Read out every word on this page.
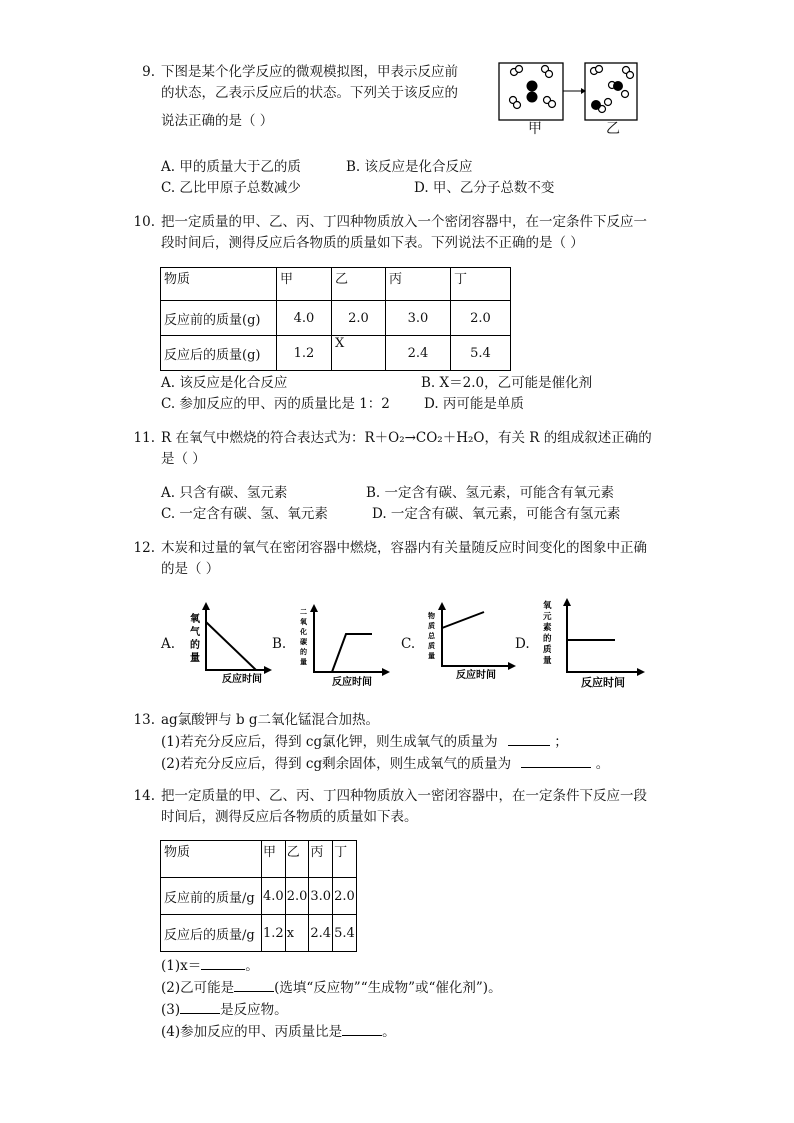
9. 下图是某个化学反应的微观模拟图，甲表示反应前
的状态，乙表示反应后的状态。下列关于该反应的
说法正确的是（ ）	甲	乙
A. 甲的质量大于乙的质	B. 该反应是化合反应
C. 乙比甲原子总数减少	D. 甲、乙分子总数不变
10. 把一定质量的甲、乙、丙、丁四种物质放入一个密闭容器中，在一定条件下反应一
段时间后，测得反应后各物质的质量如下表。下列说法不正确的是（ ）
物质	甲	乙	丙	丁
反应前的质量(g)	4.0	2.0	3.0	2.0
反应后的质量(g)	1.2	X	2.4	5.4
A. 该反应是化合反应	B. X＝2.0，乙可能是催化剂
C. 参加反应的甲、丙的质量比是 1：2	D. 丙可能是单质
11. R 在氧气中燃烧的符合表达式为：R＋O₂→CO₂＋H₂O，有关 R 的组成叙述正确的
是（ ）
A. 只含有碳、氢元素	B. 一定含有碳、氢元素，可能含有氧元素
C. 一定含有碳、氢、氧元素	D. 一定含有碳、氧元素，可能含有氢元素
12. 木炭和过量的氧气在密闭容器中燃烧，容器内有关量随反应时间变化的图象中正确
的是（ ）
A.	B.	C.	D.
氧
气
的
量
反应时间
二
氧
化
碳
的
量
反应时间
物
质
总
质
量
反应时间
氧
元
素
的
质
量
反应时间
13. ag氯酸钾与 b g二氧化锰混合加热。
(1)若充分反应后，得到 cg氯化钾，则生成氧气的质量为	；
(2)若充分反应后，得到 cg剩余固体，则生成氧气的质量为	。
14. 把一定质量的甲、乙、丙、丁四种物质放入一密闭容器中，在一定条件下反应一段
时间后，测得反应后各物质的质量如下表。
物质	甲	乙	丙	丁
反应前的质量/g	4.0	2.0	3.0	2.0
反应后的质量/g	1.2	x	2.4	5.4
(1)x＝	。
(2)乙可能是	(选填“反应物”“生成物”或“催化剂”)。
(3)	是反应物。
(4)参加反应的甲、丙质量比是	。
